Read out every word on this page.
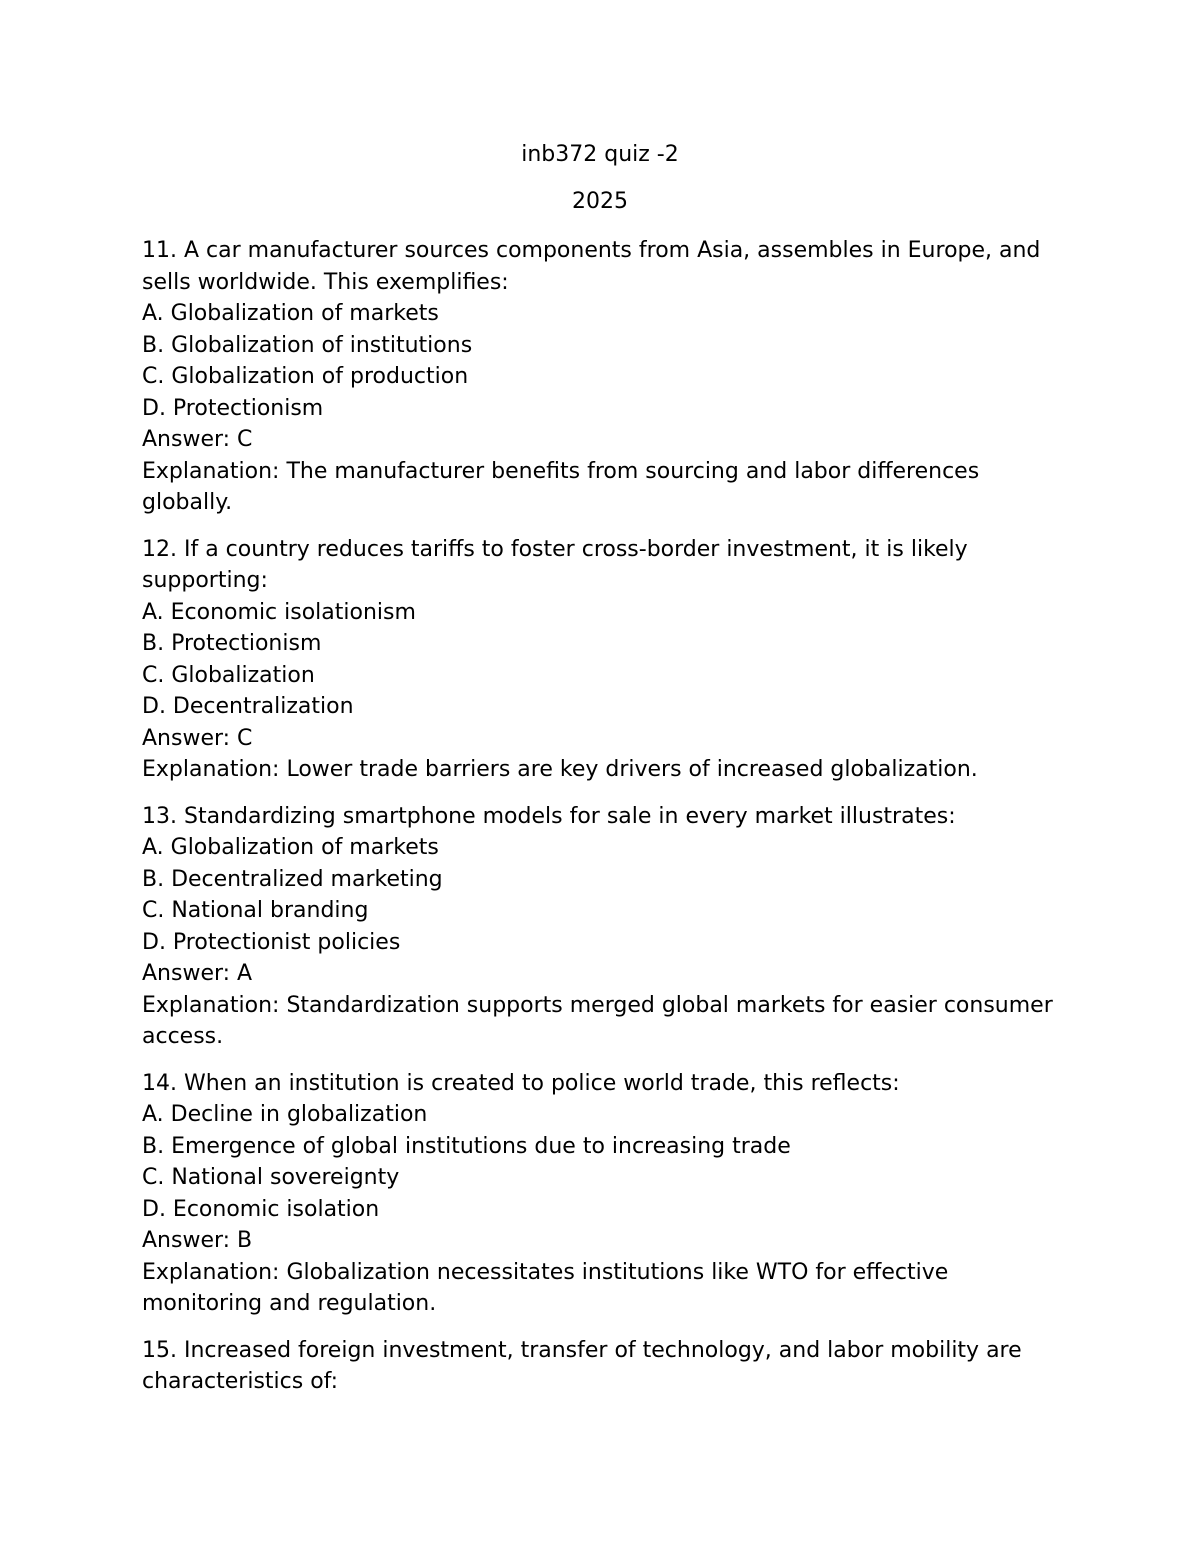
inb372 quiz -2
2025
11. A car manufacturer sources components from Asia, assembles in Europe, and sells worldwide. This exemplifies:
A. Globalization of markets
B. Globalization of institutions
C. Globalization of production
D. Protectionism
Answer: C
Explanation: The manufacturer benefits from sourcing and labor differences globally.
12. If a country reduces tariffs to foster cross-border investment, it is likely supporting:
A. Economic isolationism
B. Protectionism
C. Globalization
D. Decentralization
Answer: C
Explanation: Lower trade barriers are key drivers of increased globalization.
13. Standardizing smartphone models for sale in every market illustrates:
A. Globalization of markets
B. Decentralized marketing
C. National branding
D. Protectionist policies
Answer: A
Explanation: Standardization supports merged global markets for easier consumer access.
14. When an institution is created to police world trade, this reflects:
A. Decline in globalization
B. Emergence of global institutions due to increasing trade
C. National sovereignty
D. Economic isolation
Answer: B
Explanation: Globalization necessitates institutions like WTO for effective monitoring and regulation.
15. Increased foreign investment, transfer of technology, and labor mobility are characteristics of:
